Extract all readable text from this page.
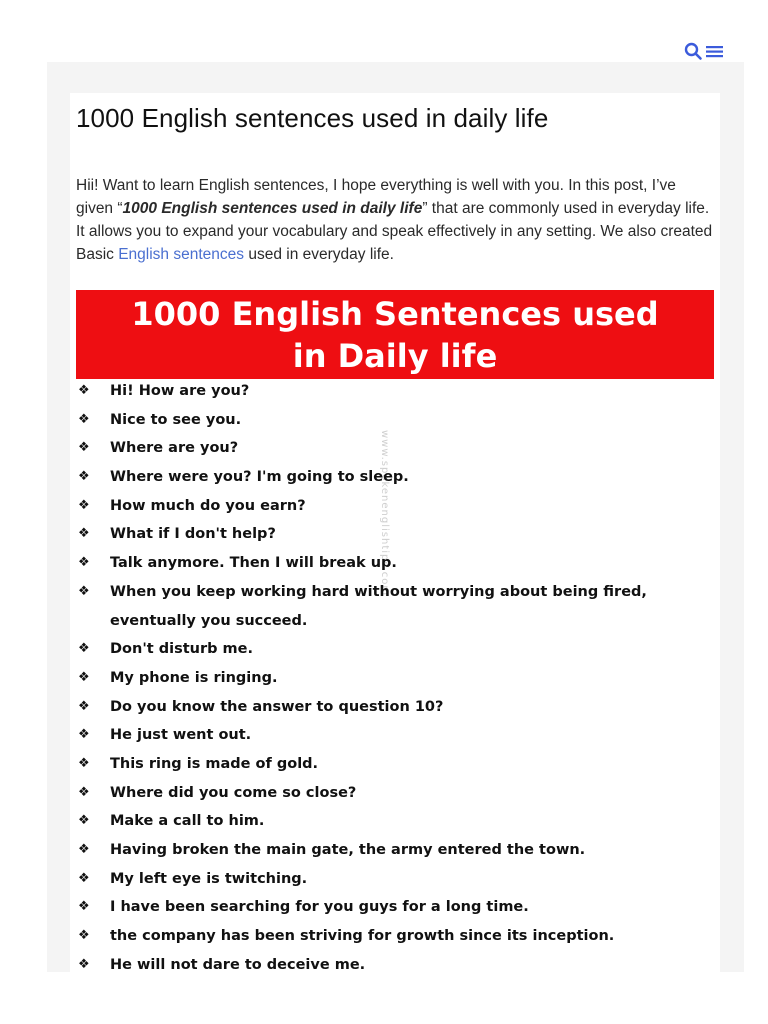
1000 English sentences used in daily life

Hii! Want to learn English sentences, I hope everything is well with you. In this post, I’ve given “1000 English sentences used in daily life” that are commonly used in everyday life. It allows you to expand your vocabulary and speak effectively in any setting. We also created Basic English sentences used in everyday life.

1000 English Sentences used
in Daily life
www.spokenenglishtips.com
❖ Hi! How are you?
❖ Nice to see you.
❖ Where are you?
❖ Where were you? I'm going to sleep.
❖ How much do you earn?
❖ What if I don't help?
❖ Talk anymore. Then I will break up.
❖ When you keep working hard without worrying about being fired,
eventually you succeed.
❖ Don't disturb me.
❖ My phone is ringing.
❖ Do you know the answer to question 10?
❖ He just went out.
❖ This ring is made of gold.
❖ Where did you come so close?
❖ Make a call to him.
❖ Having broken the main gate, the army entered the town.
❖ My left eye is twitching.
❖ I have been searching for you guys for a long time.
❖ the company has been striving for growth since its inception.
❖ He will not dare to deceive me.
